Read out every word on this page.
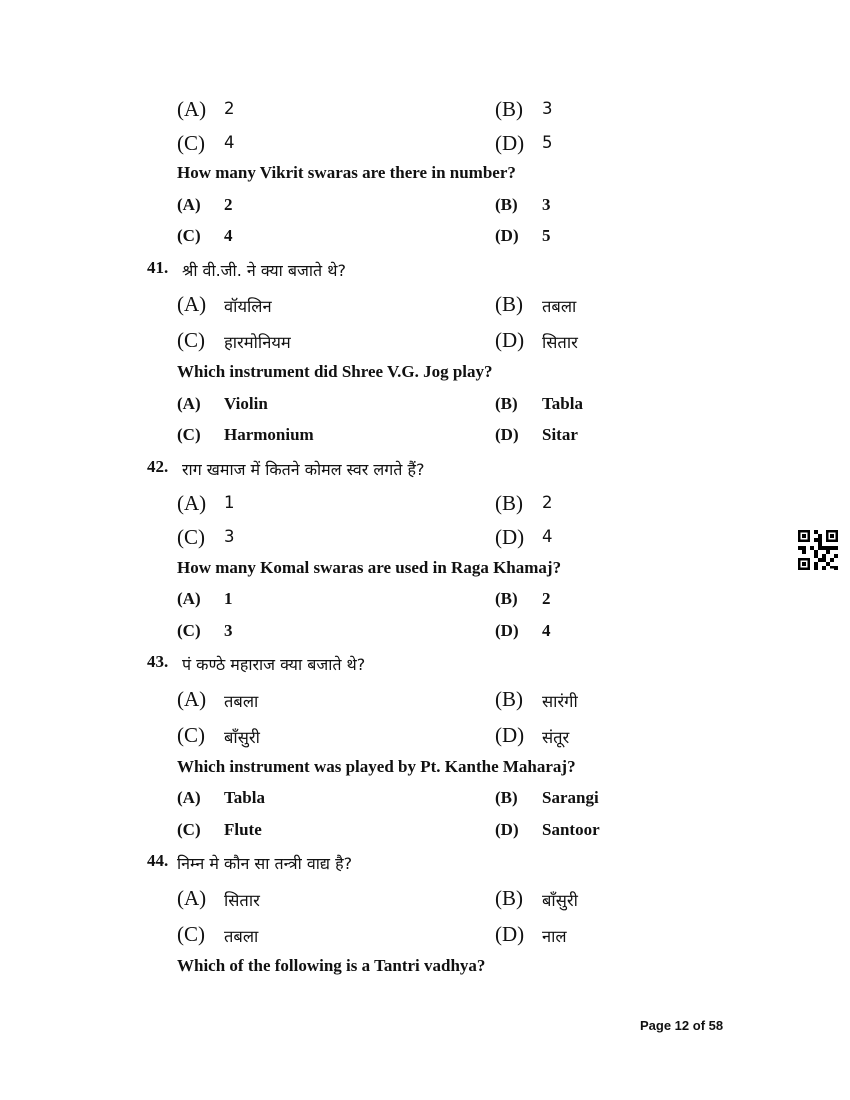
(A) 2	(B) 3
(C) 4	(D) 5
How many Vikrit swaras are there in number?
(A) 2	(B) 3
(C) 4	(D) 5
41. श्री वी.जी. ने क्या बजाते थे?
(A) वॉयलिन	(B) तबला
(C) हारमोनियम	(D) सितार
Which instrument did Shree V.G. Jog play?
(A) Violin	(B) Tabla
(C) Harmonium	(D) Sitar
42. राग खमाज में कितने कोमल स्वर लगते हैं?
(A) 1	(B) 2
(C) 3	(D) 4
How many Komal swaras are used in Raga Khamaj?
(A) 1	(B) 2
(C) 3	(D) 4
43. पं कण्ठे महाराज क्या बजाते थे?
(A) तबला	(B) सारंगी
(C) बाँसुरी	(D) संतूर
Which instrument was played by Pt. Kanthe Maharaj?
(A) Tabla	(B) Sarangi
(C) Flute	(D) Santoor
44. निम्न मे कौन सा तन्त्री वाद्य है?
(A) सितार	(B) बाँसुरी
(C) तबला	(D) नाल
Which of the following is a Tantri vadhya?
Page 12 of 58
